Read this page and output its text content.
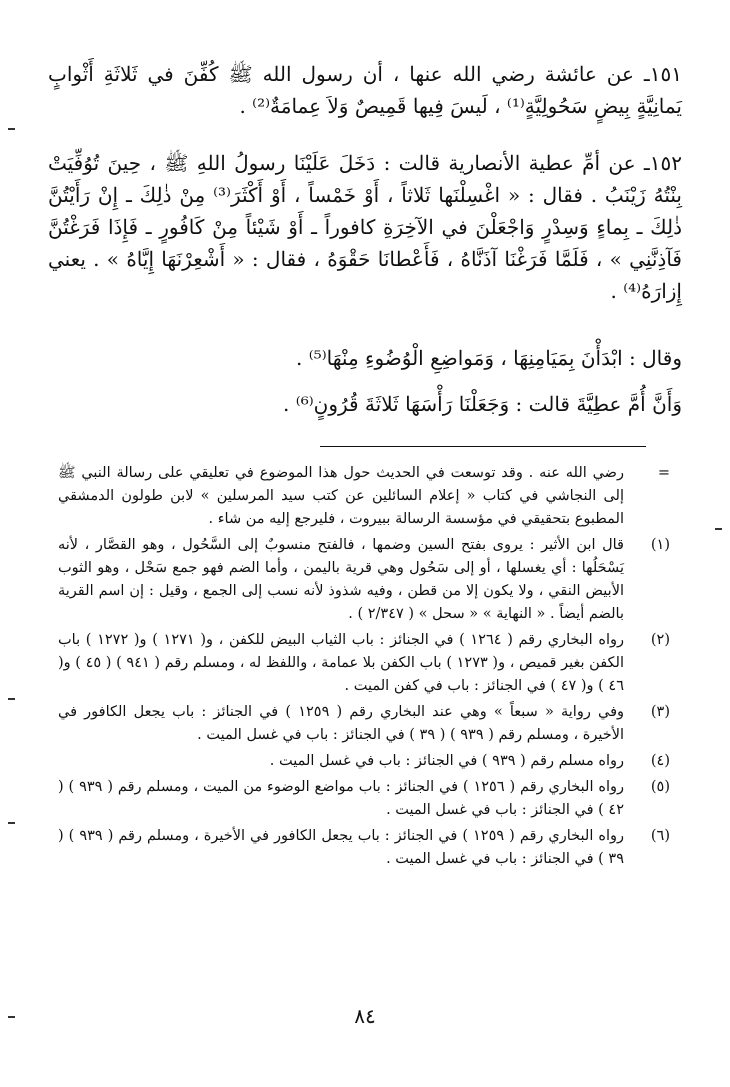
١٥١ـ عن عائشة رضي الله عنها ، أن رسول الله ﷺ كُفِّنَ في ثَلاثَةِ أَثْوابٍ يَمانِيَّةٍ بِيضٍ سَحُولِيَّةٍ⁽¹⁾ ، لَيسَ فِيها قَمِيصٌ وَلاَ عِمامَةٌ⁽²⁾ .

١٥٢ـ عن أمِّ عطية الأنصارية قالت : دَخَلَ عَلَيْنَا رسولُ اللهِ ﷺ ، حِينَ تُوُفِّيَتْ بِنْتُهُ زَيْنَبُ . فقال : « اغْسِلْنَها ثَلاثاً ، أَوْ خَمْساً ، أَوْ أَكْثَرَ⁽³⁾ مِنْ ذٰلِكَ ـ إِنْ رَأَيْتُنَّ ذٰلِكَ ـ بِماءٍ وَسِدْرٍ وَاجْعَلْنَ في الآخِرَةِ كافوراً ـ أَوْ شَيْئاً مِنْ كَافُورٍ ـ فَإِذَا فَرَغْتُنَّ فَآذِنَّنِي » ، فَلَمَّا فَرَغْنَا آذَنَّاهُ ، فَأَعْطانَا حَقْوَهُ ، فقال : « أَشْعِرْنَهَا إِيَّاهُ » . يعني إِزارَهُ⁽⁴⁾ .

وقال : ابْدَأْنَ بِمَيَامِنِهَا ، وَمَواضِعِ الْوُضُوءِ مِنْهَا⁽⁵⁾ .

وَأَنَّ أُمَّ عطِيَّةَ قالت : وَجَعَلْنَا رَأْسَهَا ثَلاثَةَ قُرُونٍ⁽⁶⁾ .

=
رضي الله عنه . وقد توسعت في الحديث حول هذا الموضوع في تعليقي على رسالة النبي ﷺ إلى النجاشي في كتاب « إعلام السائلين عن كتب سيد المرسلين » لابن طولون الدمشقي المطبوع بتحقيقي في مؤسسة الرسالة ببيروت ، فليرجع إليه من شاء .
(١)
قال ابن الأثير : يروى بفتح السين وضمها ، فالفتح منسوبٌ إلى السَّحُول ، وهو القصَّار ، لأنه يَسْحَلُها : أي يغسلها ، أو إلى سَحُول وهي قرية باليمن ، وأما الضم فهو جمع سَحْل ، وهو الثوب الأبيض النقي ، ولا يكون إلا من قطن ، وفيه شذوذ لأنه نسب إلى الجمع ، وقيل : إن اسم القرية بالضم أيضاً . « النهاية » « سحل » ( ٢/٣٤٧ ) .
(٢)
رواه البخاري رقم ( ١٢٦٤ ) في الجنائز : باب الثياب البيض للكفن ، و( ١٢٧١ ) و( ١٢٧٢ ) باب الكفن بغير قميص ، و( ١٢٧٣ ) باب الكفن بلا عمامة ، واللفظ له ، ومسلم رقم ( ٩٤١ ) ( ٤٥ ) و( ٤٦ ) و( ٤٧ ) في الجنائز : باب في كفن الميت .
(٣)
وفي رواية « سبعاً » وهي عند البخاري رقم ( ١٢٥٩ ) في الجنائز : باب يجعل الكافور في الأخيرة ، ومسلم رقم ( ٩٣٩ ) ( ٣٩ ) في الجنائز : باب في غسل الميت .
(٤)
رواه مسلم رقم ( ٩٣٩ ) في الجنائز : باب في غسل الميت .
(٥)
رواه البخاري رقم ( ١٢٥٦ ) في الجنائز : باب مواضع الوضوء من الميت ، ومسلم رقم ( ٩٣٩ ) ( ٤٢ ) في الجنائز : باب في غسل الميت .
(٦)
رواه البخاري رقم ( ١٢٥٩ ) في الجنائز : باب يجعل الكافور في الأخيرة ، ومسلم رقم ( ٩٣٩ ) ( ٣٩ ) في الجنائز : باب في غسل الميت .
٨٤
